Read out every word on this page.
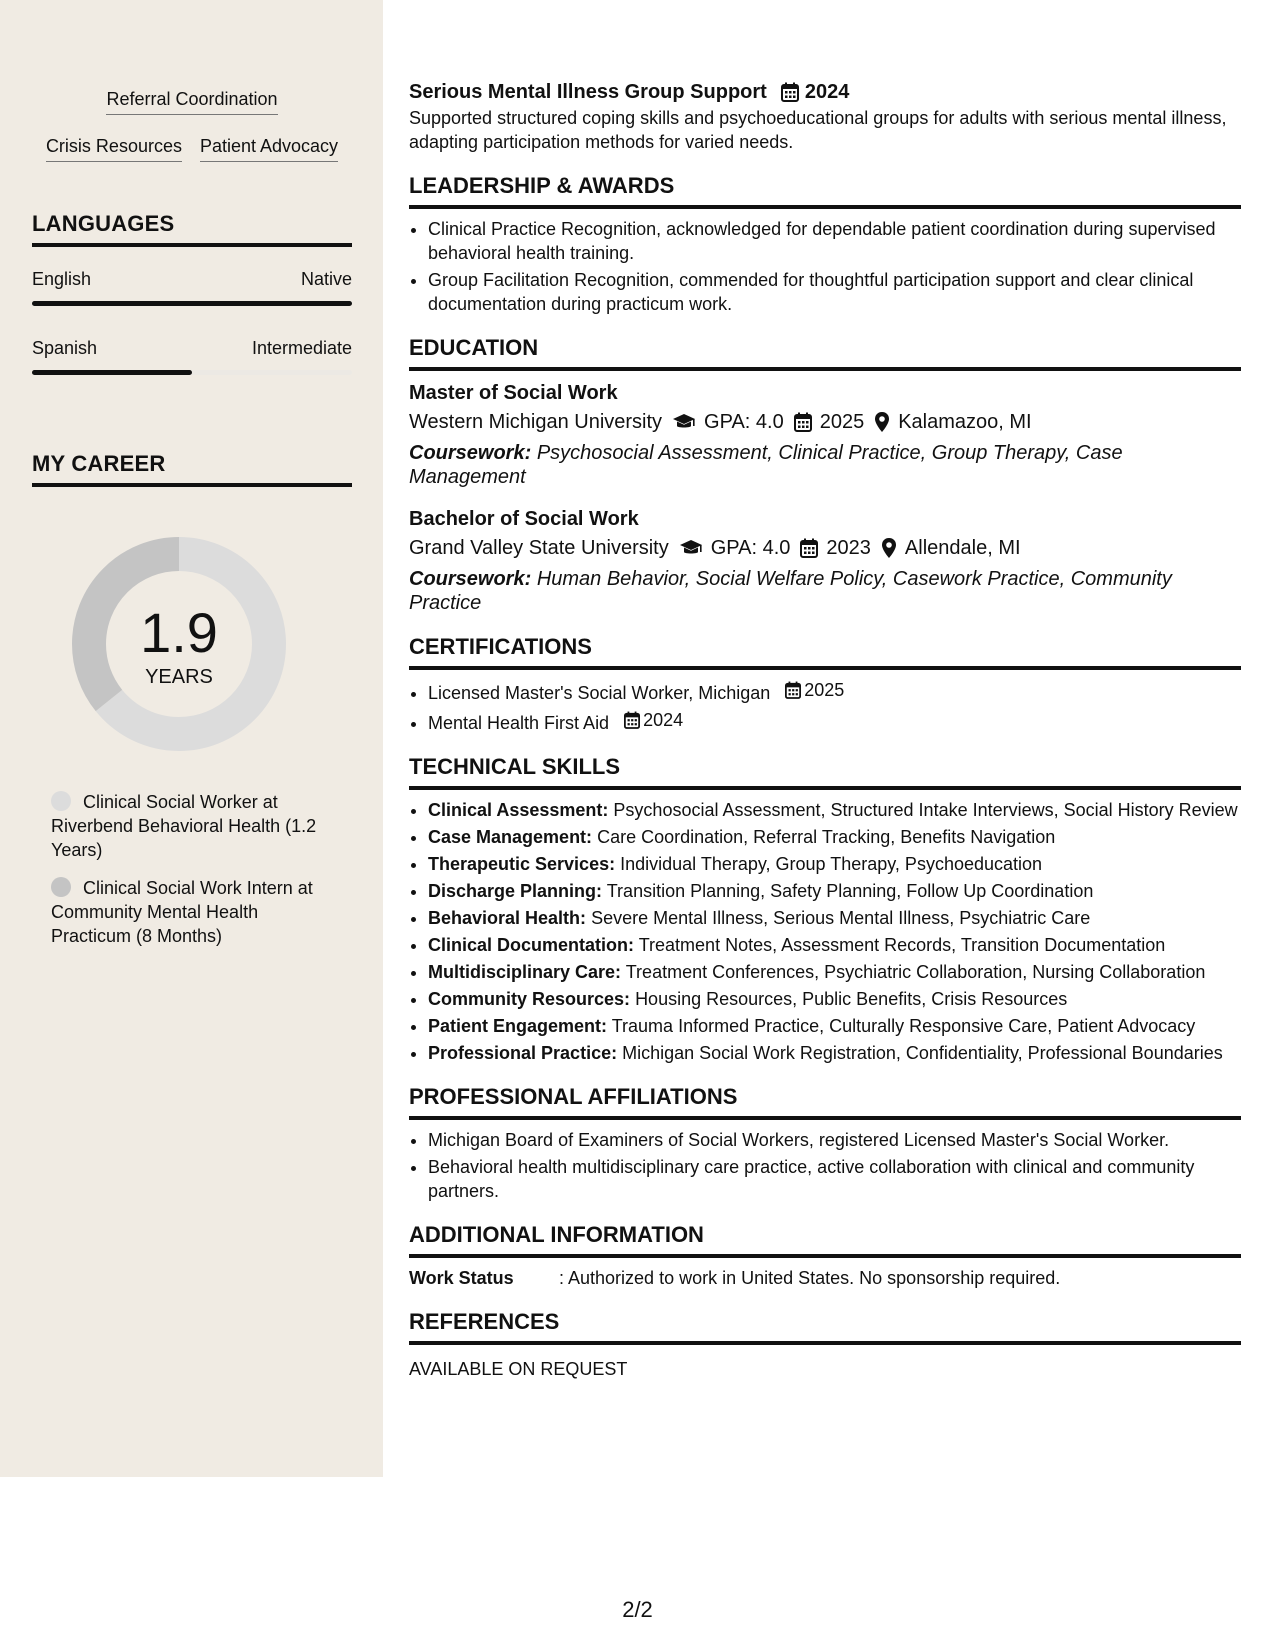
Referral Coordination
Crisis Resources Patient Advocacy
LANGUAGES
English	Native
Spanish	Intermediate
MY CAREER
1.9
YEARS
Clinical Social Worker at Riverbend Behavioral Health (1.2 Years)
Clinical Social Work Intern at Community Mental Health Practicum (8 Months)
Serious Mental Illness Group Support 2024

Supported structured coping skills and psychoeducational groups for adults with serious mental illness, adapting participation methods for varied needs.

LEADERSHIP & AWARDS
• Clinical Practice Recognition, acknowledged for dependable patient coordination during supervised behavioral health training.
• Group Facilitation Recognition, commended for thoughtful participation support and clear clinical documentation during practicum work.
EDUCATION
Master of Social Work
Western Michigan University GPA: 4.0 2025 Kalamazoo, MI
Coursework: Psychosocial Assessment, Clinical Practice, Group Therapy, Case Management
Bachelor of Social Work
Grand Valley State University GPA: 4.0 2023 Allendale, MI
Coursework: Human Behavior, Social Welfare Policy, Casework Practice, Community Practice
CERTIFICATIONS
• Licensed Master's Social Worker, Michigan 2025
• Mental Health First Aid 2024
TECHNICAL SKILLS
• Clinical Assessment: Psychosocial Assessment, Structured Intake Interviews, Social History Review
• Case Management: Care Coordination, Referral Tracking, Benefits Navigation
• Therapeutic Services: Individual Therapy, Group Therapy, Psychoeducation
• Discharge Planning: Transition Planning, Safety Planning, Follow Up Coordination
• Behavioral Health: Severe Mental Illness, Serious Mental Illness, Psychiatric Care
• Clinical Documentation: Treatment Notes, Assessment Records, Transition Documentation
• Multidisciplinary Care: Treatment Conferences, Psychiatric Collaboration, Nursing Collaboration
• Community Resources: Housing Resources, Public Benefits, Crisis Resources
• Patient Engagement: Trauma Informed Practice, Culturally Responsive Care, Patient Advocacy
• Professional Practice: Michigan Social Work Registration, Confidentiality, Professional Boundaries
PROFESSIONAL AFFILIATIONS
• Michigan Board of Examiners of Social Workers, registered Licensed Master's Social Worker.
• Behavioral health multidisciplinary care practice, active collaboration with clinical and community partners.
ADDITIONAL INFORMATION
Work Status	: Authorized to work in United States. No sponsorship required.
REFERENCES
AVAILABLE ON REQUEST
2/2
